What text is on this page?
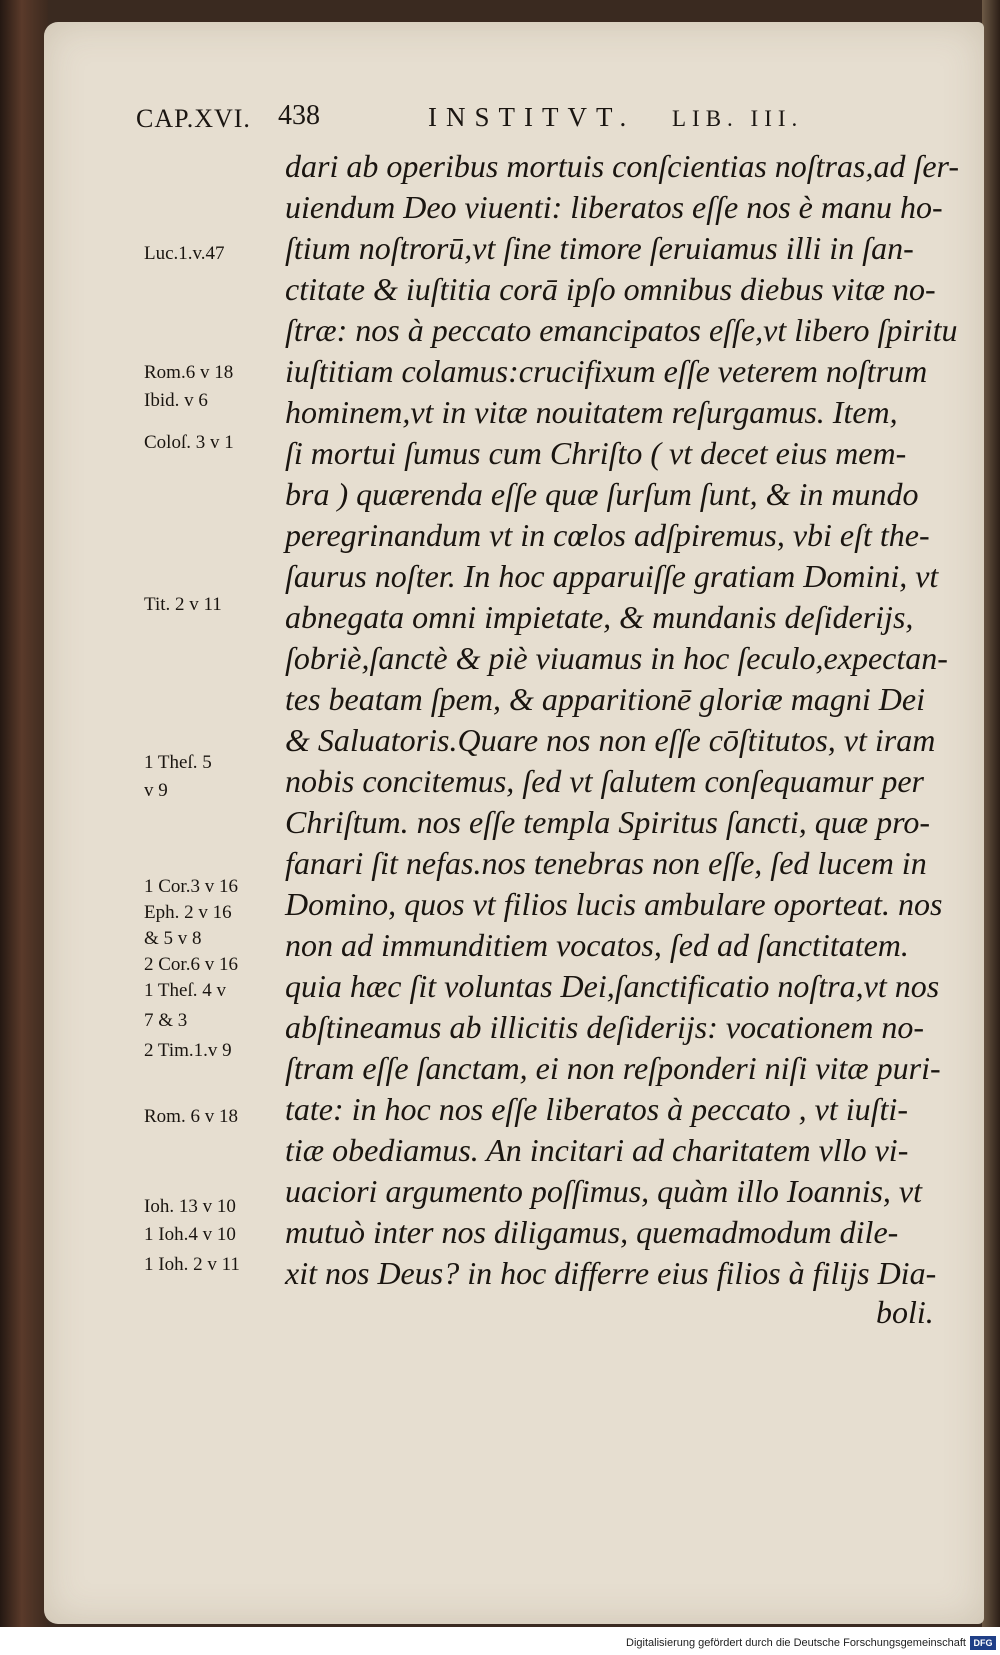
CAP.XVI. 438	INSTITVT. LIB. III.
dari ab operibus mortuis conſcientias noſtras,ad ſer-
uiendum Deo viuenti: liberatos eſſe nos è manu ho-
ſtium noſtrorū,vt ſine timore ſeruiamus illi in ſan-
ctitate & iuſtitia corā ipſo omnibus diebus vitæ no-
ſtræ: nos à peccato emancipatos eſſe,vt libero ſpiritu
iuſtitiam colamus:crucifixum eſſe veterem noſtrum
hominem,vt in vitæ nouitatem reſurgamus. Item,
ſi mortui ſumus cum Chriſto ( vt decet eius mem-
bra ) quærenda eſſe quæ ſurſum ſunt, & in mundo
peregrinandum vt in cœlos adſpiremus, vbi eſt the-
ſaurus noſter. In hoc apparuiſſe gratiam Domini, vt
abnegata omni impietate, & mundanis deſiderijs,
ſobriè,ſanctè & piè viuamus in hoc ſeculo,expectan-
tes beatam ſpem, & apparitionē gloriæ magni Dei
& Saluatoris.Quare nos non eſſe cōſtitutos, vt iram
nobis concitemus, ſed vt ſalutem conſequamur per
Chriſtum. nos eſſe templa Spiritus ſancti, quæ pro-
fanari ſit nefas.nos tenebras non eſſe, ſed lucem in
Domino, quos vt filios lucis ambulare oporteat. nos
non ad immunditiem vocatos, ſed ad ſanctitatem.
quia hæc ſit voluntas Dei,ſanctificatio noſtra,vt nos
abſtineamus ab illicitis deſiderijs: vocationem no-
ſtram eſſe ſanctam, ei non reſponderi niſi vitæ puri-
tate: in hoc nos eſſe liberatos à peccato , vt iuſti-
tiæ obediamus. An incitari ad charitatem vllo vi-
uaciori argumento poſſimus, quàm illo Ioannis, vt
mutuò inter nos diligamus, quemadmodum dile-
xit nos Deus? in hoc differre eius filios à filijs Dia-
boli.
Luc.1.v.47
Rom.6 v 18
Ibid. v 6
Coloſ. 3 v 1
Tit. 2 v 11
1 Theſ. 5
v 9
1 Cor.3 v 16
Eph. 2 v 16
& 5 v 8
2 Cor.6 v 16
1 Theſ. 4 v
7 & 3
2 Tim.1.v 9
Rom. 6 v 18
Ioh. 13 v 10
1 Ioh.4 v 10
1 Ioh. 2 v 11
Digitalisierung gefördert durch die Deutsche Forschungsgemeinschaft DFG
